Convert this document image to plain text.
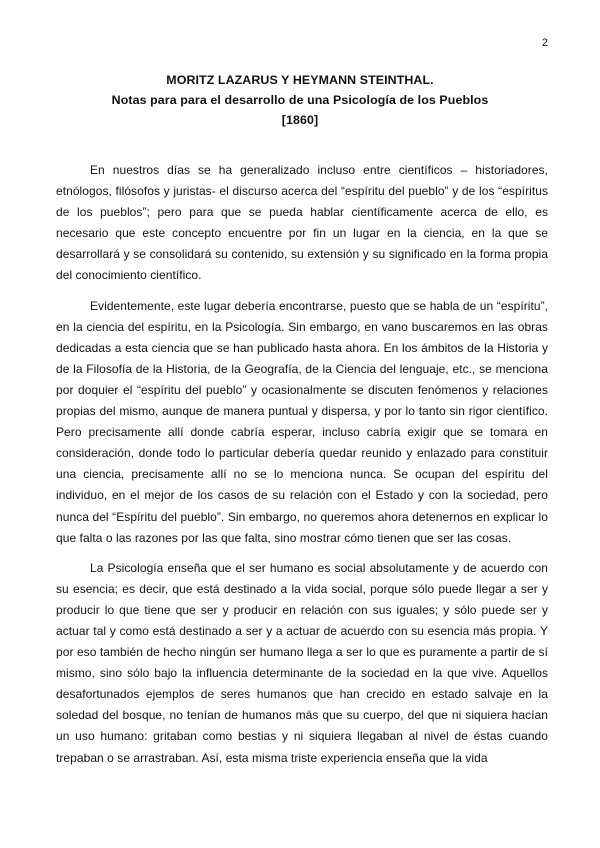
2
MORITZ LAZARUS Y HEYMANN STEINTHAL.
Notas para para el desarrollo de una Psicología de los Pueblos
[1860]

En nuestros días se ha generalizado incluso entre científicos – historiadores, etnólogos, filósofos y juristas- el discurso acerca del “espíritu del pueblo” y de los “espíritus de los pueblos”; pero para que se pueda hablar científicamente acerca de ello, es necesario que este concepto encuentre por fin un lugar en la ciencia, en la que se desarrollará y se consolidará su contenido, su extensión y su significado en la forma propia del conocimiento científico.

Evidentemente, este lugar debería encontrarse, puesto que se habla de un “espíritu”, en la ciencia del espíritu, en la Psicología. Sin embargo, en vano buscaremos en las obras dedicadas a esta ciencia que se han publicado hasta ahora. En los ámbitos de la Historia y de la Filosofía de la Historia, de la Geografía, de la Ciencia del lenguaje, etc., se menciona por doquier el “espíritu del pueblo” y ocasionalmente se discuten fenómenos y relaciones propias del mismo, aunque de manera puntual y dispersa, y por lo tanto sin rigor científico. Pero precisamente allí donde cabría esperar, incluso cabría exigir que se tomara en consideración, donde todo lo particular debería quedar reunido y enlazado para constituir una ciencia, precisamente allí no se lo menciona nunca. Se ocupan del espíritu del individuo, en el mejor de los casos de su relación con el Estado y con la sociedad, pero nunca del “Espíritu del pueblo”. Sin embargo, no queremos ahora detenernos en explicar lo que falta o las razones por las que falta, sino mostrar cómo tienen que ser las cosas.

La Psicología enseña que el ser humano es social absolutamente y de acuerdo con su esencia; es decir, que está destinado a la vida social, porque sólo puede llegar a ser y producir lo que tiene que ser y producir en relación con sus iguales; y sólo puede ser y actuar tal y como está destinado a ser y a actuar de acuerdo con su esencia más propia. Y por eso también de hecho ningún ser humano llega a ser lo que es puramente a partir de sí mismo, sino sólo bajo la influencia determinante de la sociedad en la que vive. Aquellos desafortunados ejemplos de seres humanos que han crecido en estado salvaje en la soledad del bosque, no tenían de humanos más que su cuerpo, del que ni siquiera hacían un uso humano: gritaban como bestias y ni siquiera llegaban al nivel de éstas cuando trepaban o se arrastraban. Así, esta misma triste experiencia enseña que la vida
